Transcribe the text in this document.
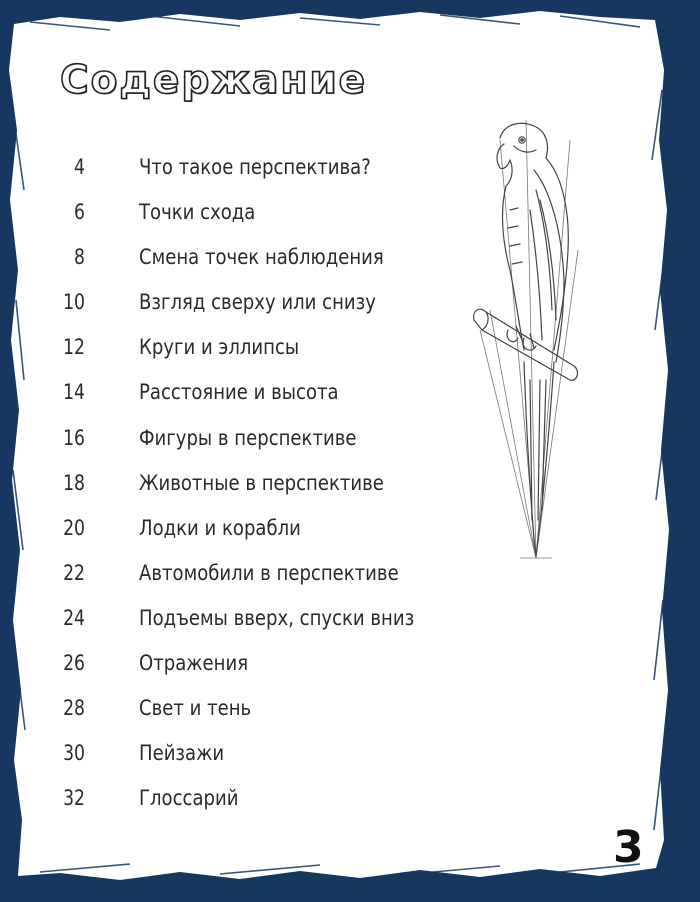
Содержание
4	Что такое перспектива?
6	Точки схода
8	Смена точек наблюдения
10	Взгляд сверху или снизу
12	Круги и эллипсы
14	Расстояние и высота
16	Фигуры в перспективе
18	Животные в перспективе
20	Лодки и корабли
22	Автомобили в перспективе
24	Подъемы вверх, спуски вниз
26	Отражения
28	Свет и тень
30	Пейзажи
32	Глоссарий
3
